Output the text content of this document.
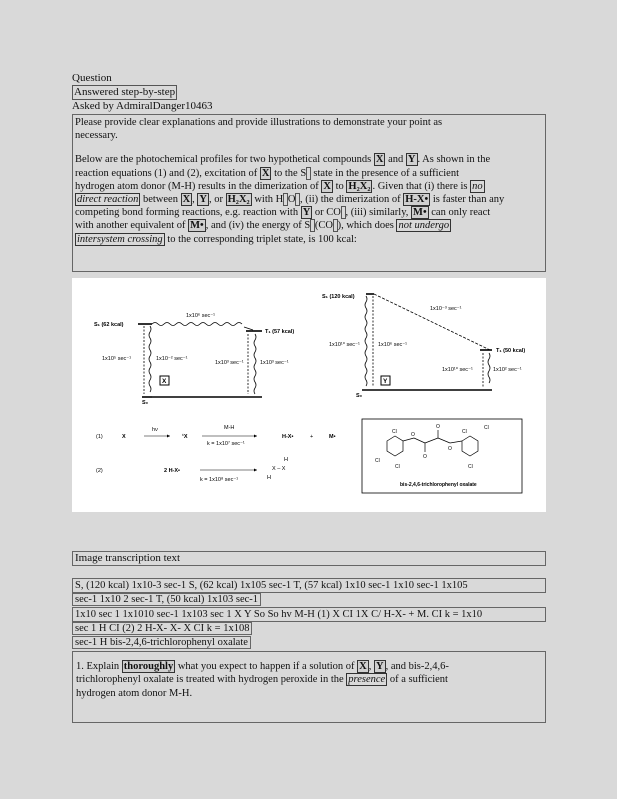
Question
Answered step-by-step
Asked by AdmiralDanger10463
Please provide clear explanations and provide illustrations to demonstrate your point as
necessary.
Below are the photochemical profiles for two hypothetical compounds X and Y . As shown in the
reaction equations (1) and (2), excitation of X to the S state in the presence of a sufficient
hydrogen atom donor (M-H) results in the dimerization of X to H₂X₂ . Given that (i) there is no
direct reaction between X , Y , or H₂X₂ with H O , (ii) the dimerization of H-X• is faster than any
competing bond forming reactions, e.g. reaction with Y or CO , (iii) similarly, M• can only react
with another equivalent of M• , and (iv) the energy of S (CO ), which does not undergo
intersystem crossing to the corresponding triplet state, is 100 kcal:
S₁ (62 kcal)
1x10⁶ sec⁻¹
T₁ (57 kcal)
S₀
1x10⁵ sec⁻¹	1x10⁻² sec⁻¹
1x10³ sec⁻¹	1x10³ sec⁻¹
X
S₁ (120 kcal)
1x10⁻³ sec⁻¹
T₁ (50 kcal)
S₀
1x10¹⁰ sec⁻¹	1x10⁶ sec⁻¹
1x10¹⁰ sec⁻¹	1x10² sec⁻¹
Y
(1)	X
hν
¹X
M-H
k = 1x10⁷ sec⁻¹
H-X•	+	M•
(2)	2 H-X•
k = 1x10⁸ sec⁻¹
H
X – X
H
O
O
O
O
Cl
Cl
Cl
Cl
Cl
Cl
bis-2,4,6-trichlorophenyl oxalate
Image transcription text
S, (120 kcal) 1x10-3 sec-1 S, (62 kcal) 1x105 sec-1 T, (57 kcal) 1x10 sec-1 1x10 sec-1 1x105
sec-1 1x10 2 sec-1 T, (50 kcal) 1x103 sec-1
1x10 sec 1 1x1010 sec-1 1x103 sec 1 X Y So So hv M-H (1) X CI 1X C/ H-X- + M. CI k = 1x10
sec 1 H CI (2) 2 H-X- X- X CI k = 1x108
sec-1 H bis-2,4,6-trichlorophenyl oxalate
1. Explain thoroughly what you expect to happen if a solution of X , Y , and bis-2,4,6-
trichlorophenyl oxalate is treated with hydrogen peroxide in the presence of a sufficient
hydrogen atom donor M-H.
